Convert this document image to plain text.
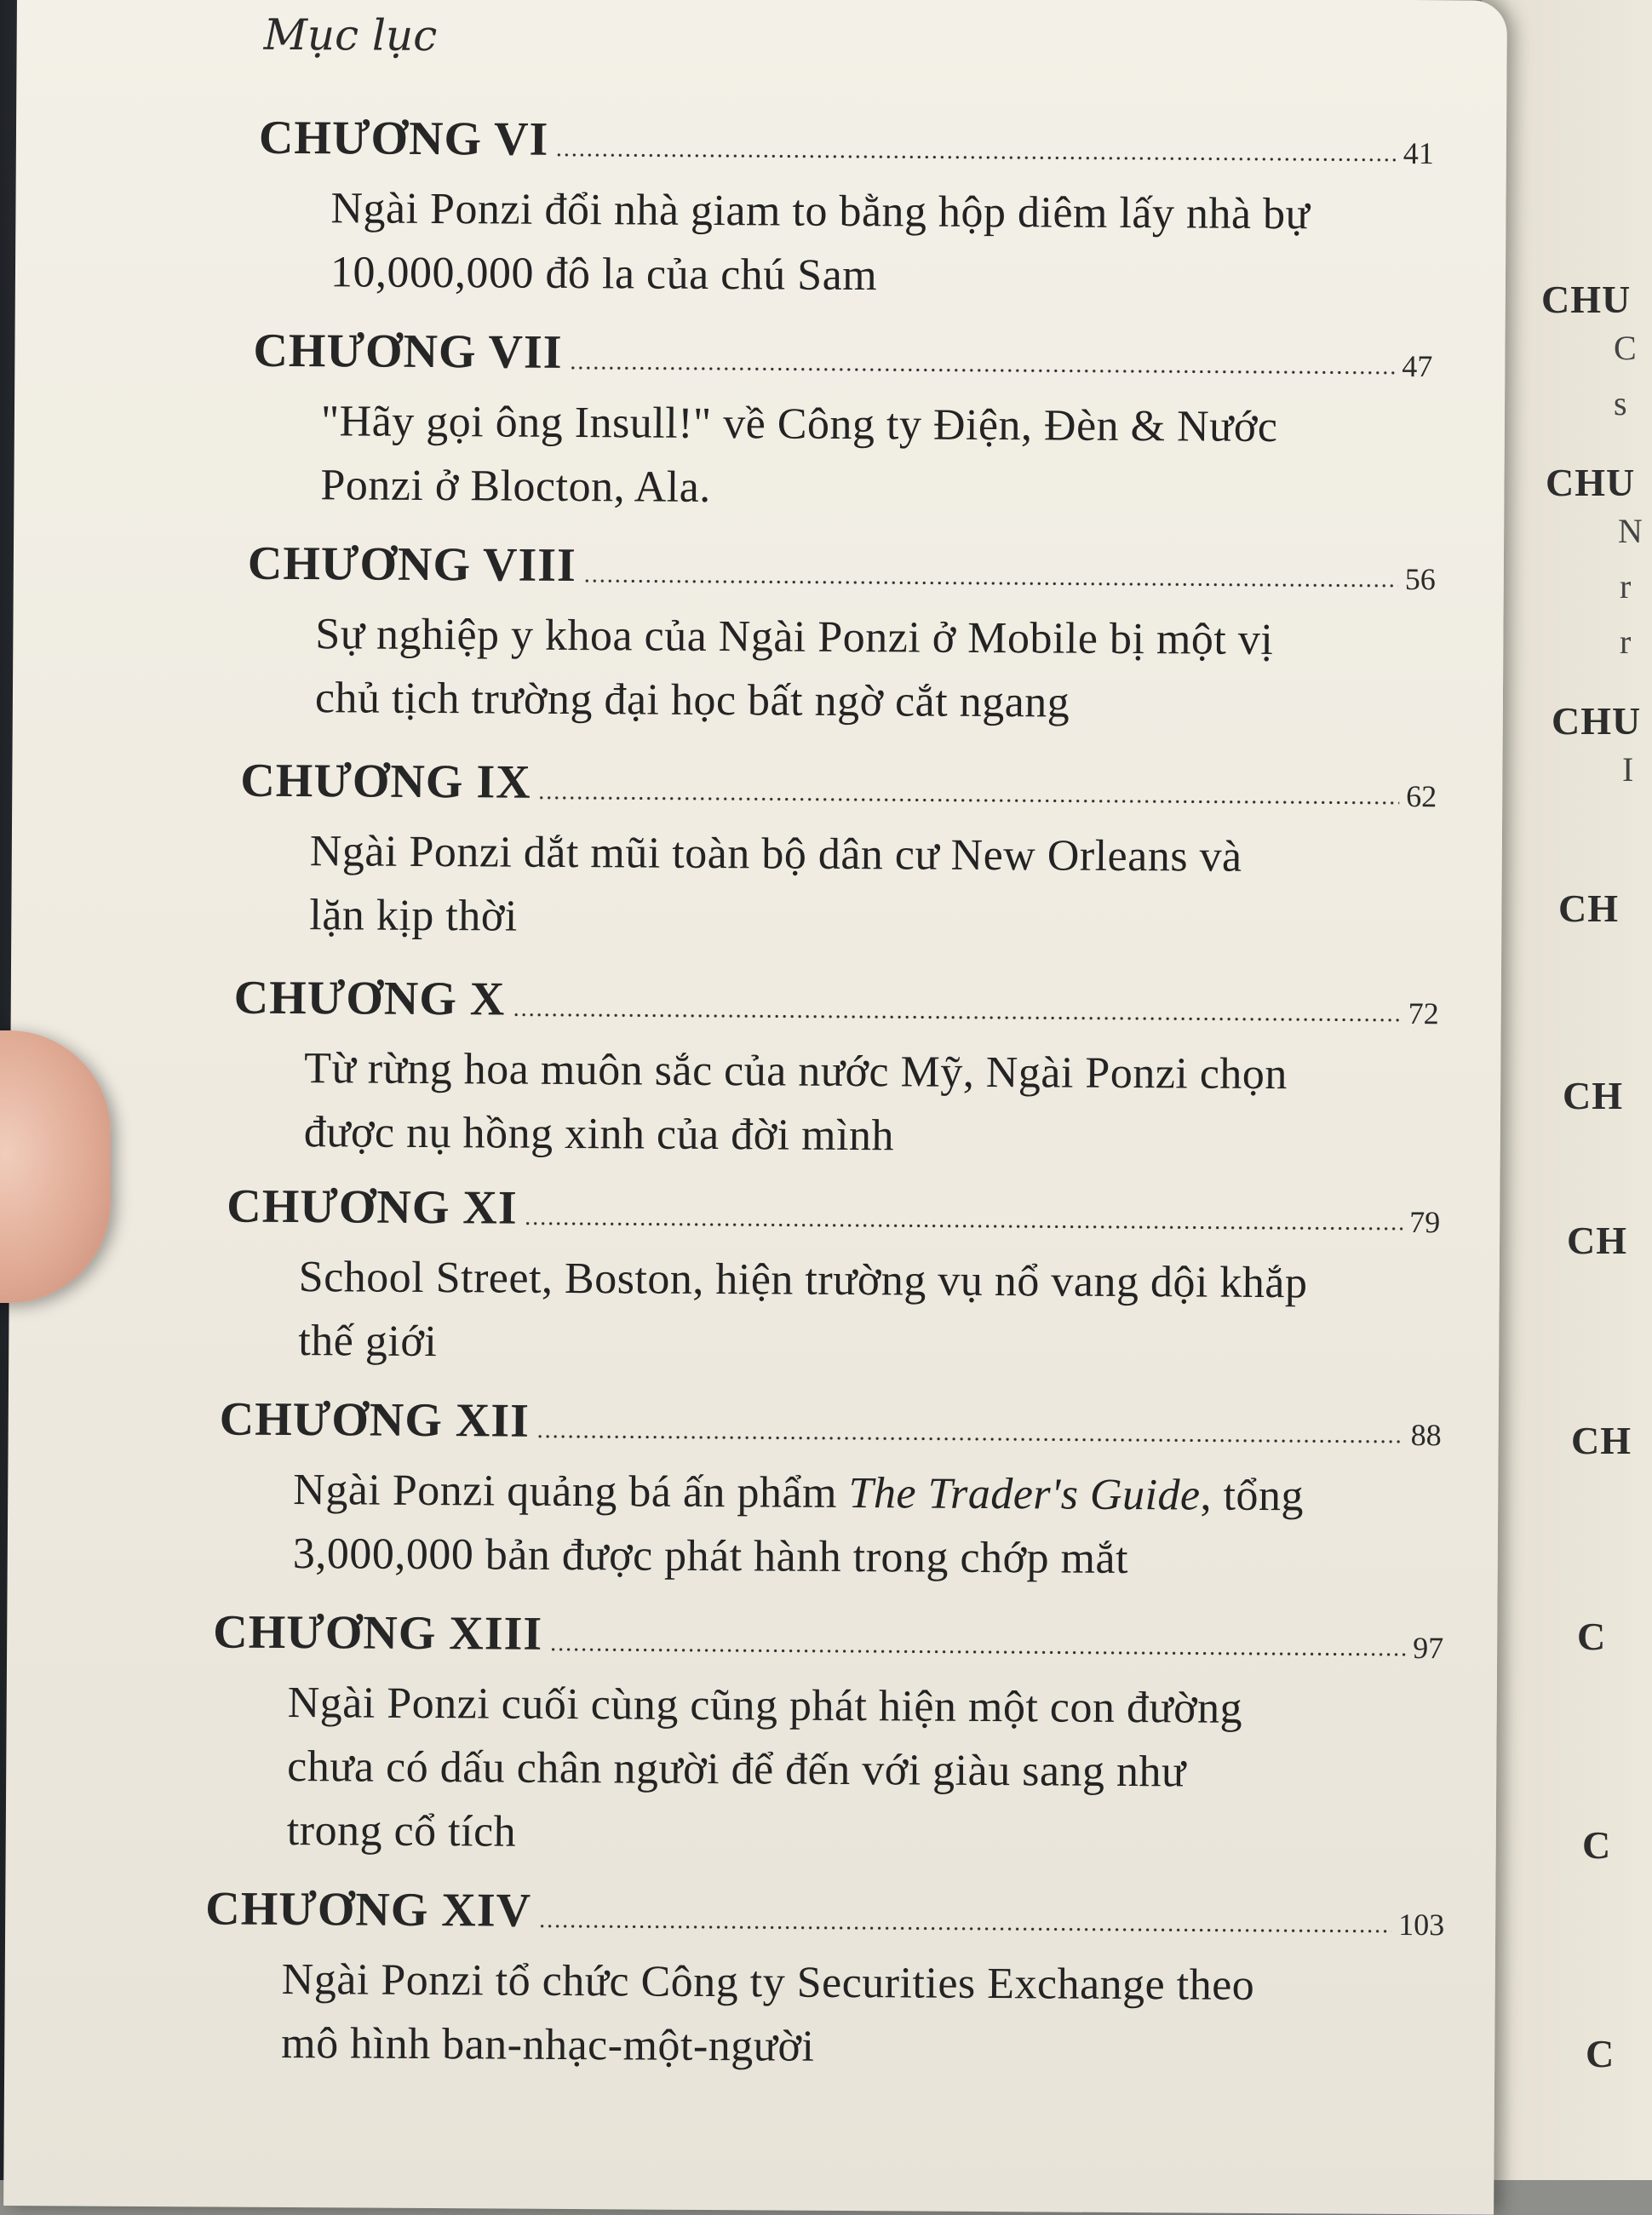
CHU
C
s
CHU
N
r
r
CHU
I
CH
CH
CH
CH
C
C
C
Mục lục
CHƯƠNG VI	41
Ngài Ponzi đổi nhà giam to bằng hộp diêm lấy nhà bự
10,000,000 đô la của chú Sam
CHƯƠNG VII	47
"Hãy gọi ông Insull!" về Công ty Điện, Đèn & Nước
Ponzi ở Blocton, Ala.
CHƯƠNG VIII	56
Sự nghiệp y khoa của Ngài Ponzi ở Mobile bị một vị
chủ tịch trường đại học bất ngờ cắt ngang
CHƯƠNG IX	62
Ngài Ponzi dắt mũi toàn bộ dân cư New Orleans và
lặn kịp thời
CHƯƠNG X	72
Từ rừng hoa muôn sắc của nước Mỹ, Ngài Ponzi chọn
được nụ hồng xinh của đời mình
CHƯƠNG XI	79
School Street, Boston, hiện trường vụ nổ vang dội khắp
thế giới
CHƯƠNG XII	88
Ngài Ponzi quảng bá ấn phẩm The Trader's Guide, tổng
3,000,000 bản được phát hành trong chớp mắt
CHƯƠNG XIII	97
Ngài Ponzi cuối cùng cũng phát hiện một con đường
chưa có dấu chân người để đến với giàu sang như
trong cổ tích
CHƯƠNG XIV	103
Ngài Ponzi tổ chức Công ty Securities Exchange theo
mô hình ban-nhạc-một-người
